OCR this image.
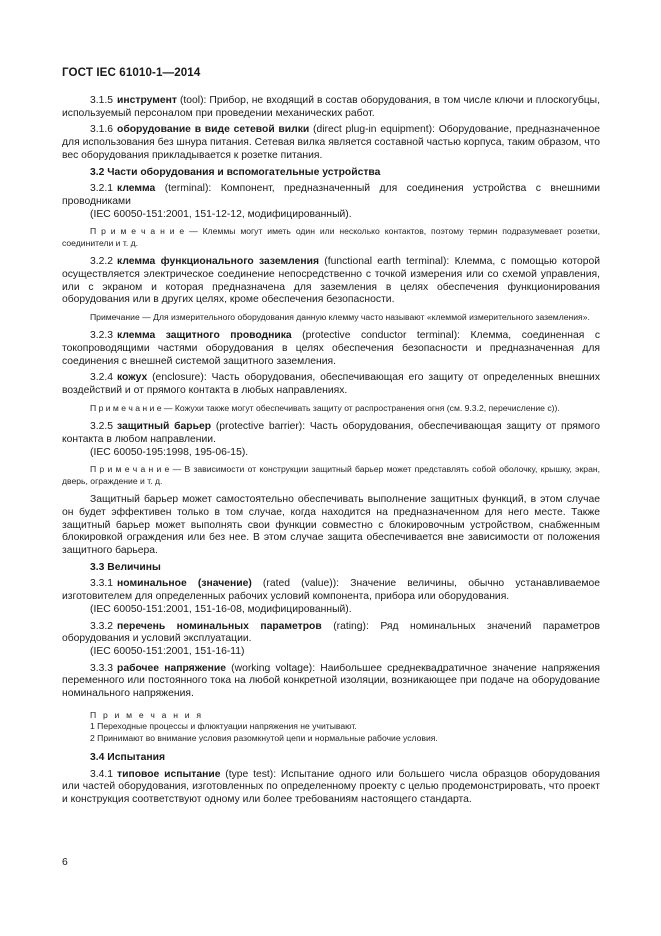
ГОСТ IEC 61010-1—2014

3.1.5 инструмент (tool): Прибор, не входящий в состав оборудования, в том числе ключи и плоскогубцы, используемый персоналом при проведении механических работ.

3.1.6 оборудование в виде сетевой вилки (direct plug-in equipment): Оборудование, предназначенное для использования без шнура питания. Сетевая вилка является составной частью корпуса, таким образом, что вес оборудования прикладывается к розетке питания.

3.2 Части оборудования и вспомогательные устройства

3.2.1 клемма (terminal): Компонент, предназначенный для соединения устройства с внешними проводниками

(IEC 60050-151:2001, 151-12-12, модифицированный).

П р и м е ч а н и е — Клеммы могут иметь один или несколько контактов, поэтому термин подразумевает розетки, соединители и т. д.

3.2.2 клемма функционального заземления (functional earth terminal): Клемма, с помощью которой осуществляется электрическое соединение непосредственно с точкой измерения или со схемой управления, или с экраном и которая предназначена для заземления в целях обеспечения функционирования оборудования или в других целях, кроме обеспечения безопасности.

Примечание — Для измерительного оборудования данную клемму часто называют «клеммой измерительного заземления».

3.2.3 клемма защитного проводника (protective conductor terminal): Клемма, соединенная с токопроводящими частями оборудования в целях обеспечения безопасности и предназначенная для соединения с внешней системой защитного заземления.

3.2.4 кожух (enclosure): Часть оборудования, обеспечивающая его защиту от определенных внешних воздействий и от прямого контакта в любых направлениях.

П р и м е ч а н и е — Кожухи также могут обеспечивать защиту от распространения огня (см. 9.3.2, перечисление с)).

3.2.5 защитный барьер (protective barrier): Часть оборудования, обеспечивающая защиту от прямого контакта в любом направлении.

(IEC 60050-195:1998, 195-06-15).

П р и м е ч а н и е — В зависимости от конструкции защитный барьер может представлять собой оболочку, крышку, экран, дверь, ограждение и т. д.

Защитный барьер может самостоятельно обеспечивать выполнение защитных функций, в этом случае он будет эффективен только в том случае, когда находится на предназначенном для него месте. Также защитный барьер может выполнять свои функции совместно с блокировочным устройством, снабженным блокировкой ограждения или без нее. В этом случае защита обеспечивается вне зависимости от положения защитного барьера.

3.3 Величины

3.3.1 номинальное (значение) (rated (value)): Значение величины, обычно устанавливаемое изготовителем для определенных рабочих условий компонента, прибора или оборудования.

(IEC 60050-151:2001, 151-16-08, модифицированный).

3.3.2 перечень номинальных параметров (rating): Ряд номинальных значений параметров оборудования и условий эксплуатации.

(IEC 60050-151:2001, 151-16-11)

3.3.3 рабочее напряжение (working voltage): Наибольшее среднеквадратичное значение напряжения переменного или постоянного тока на любой конкретной изоляции, возникающее при подаче на оборудование номинального напряжения.

П р и м е ч а н и я
1 Переходные процессы и флюктуации напряжения не учитывают.
2 Принимают во внимание условия разомкнутой цепи и нормальные рабочие условия.
3.4 Испытания

3.4.1 типовое испытание (type test): Испытание одного или большего числа образцов оборудования или частей оборудования, изготовленных по определенному проекту с целью продемонстрировать, что проект и конструкция соответствуют одному или более требованиям настоящего стандарта.

6
